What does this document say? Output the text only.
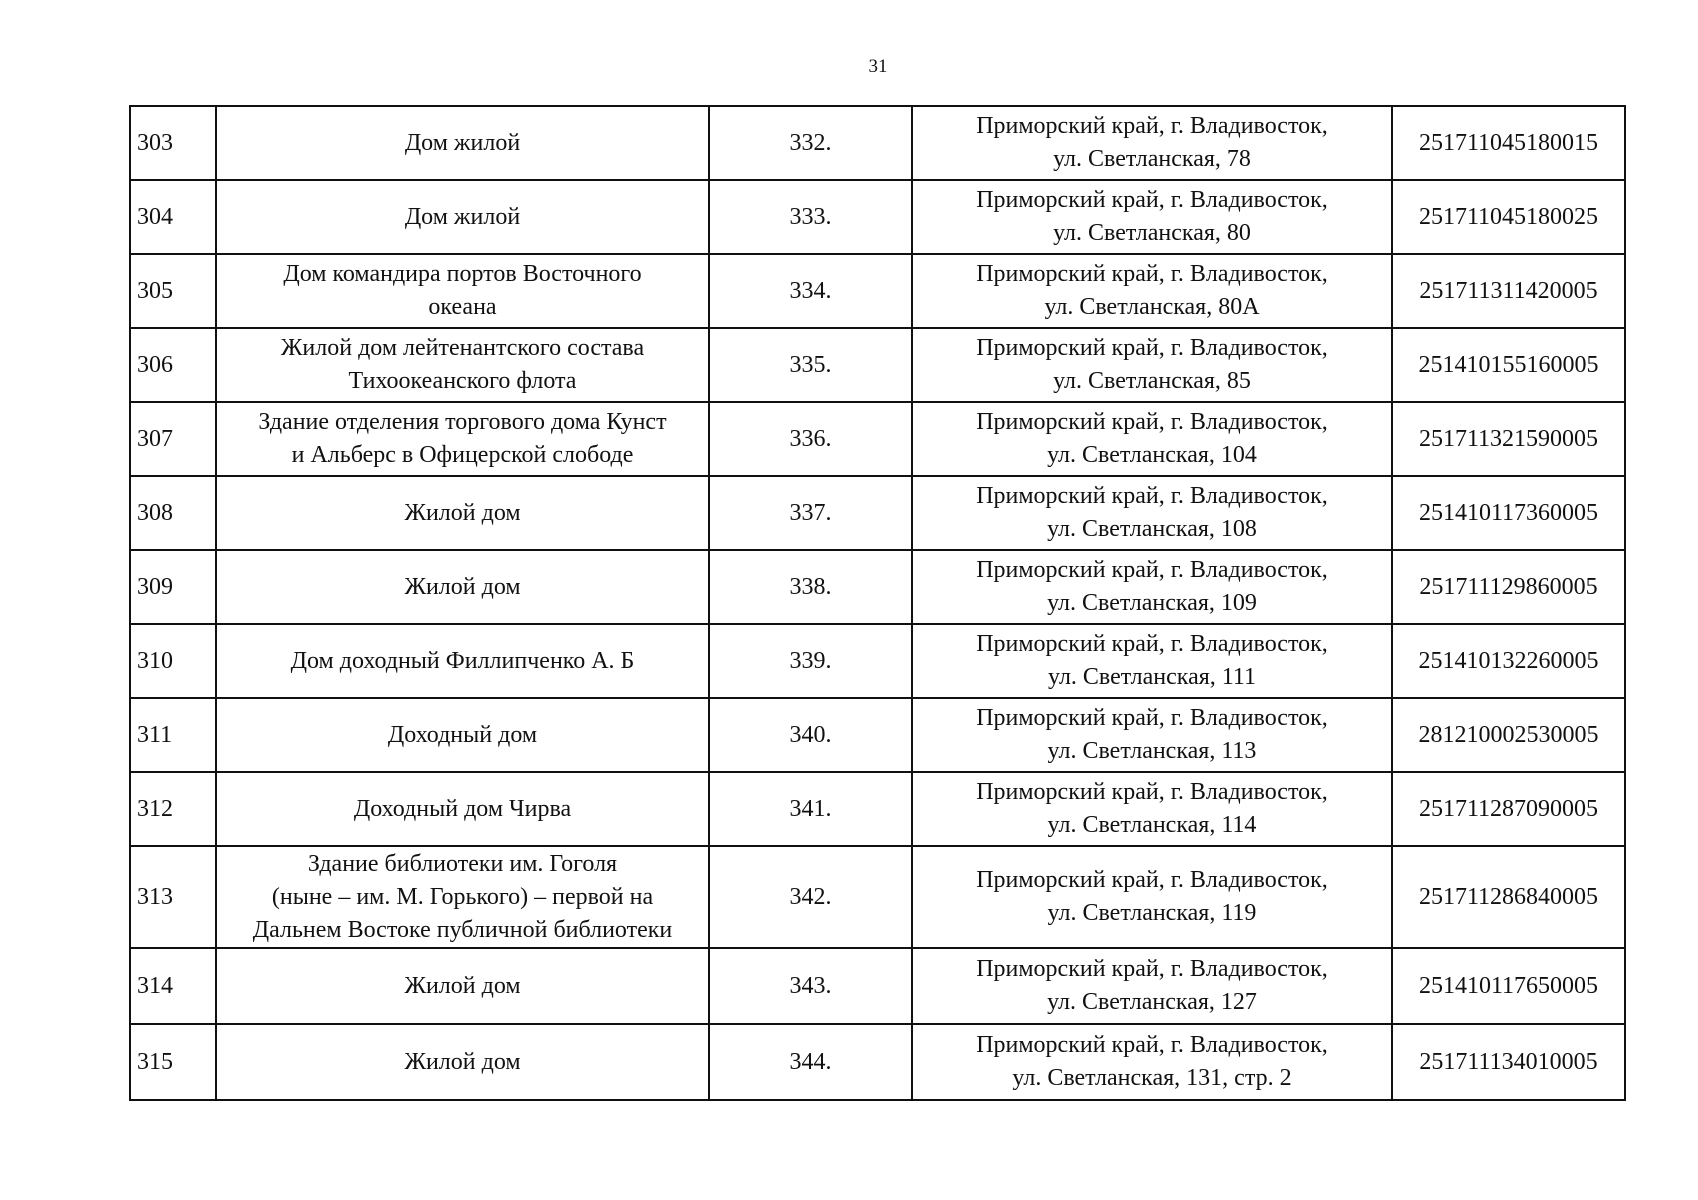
31
303	Дом жилой	332.	Приморский край, г. Владивосток,
ул. Светланская, 78	251711045180015
304	Дом жилой	333.	Приморский край, г. Владивосток,
ул. Светланская, 80	251711045180025
305	Дом командира портов Восточного
океана	334.	Приморский край, г. Владивосток,
ул. Светланская, 80А	251711311420005
306	Жилой дом лейтенантского состава
Тихоокеанского флота	335.	Приморский край, г. Владивосток,
ул. Светланская, 85	251410155160005
307	Здание отделения торгового дома Кунст
и Альберс в Офицерской слободе	336.	Приморский край, г. Владивосток,
ул. Светланская, 104	251711321590005
308	Жилой дом	337.	Приморский край, г. Владивосток,
ул. Светланская, 108	251410117360005
309	Жилой дом	338.	Приморский край, г. Владивосток,
ул. Светланская, 109	251711129860005
310	Дом доходный Филлипченко А. Б	339.	Приморский край, г. Владивосток,
ул. Светланская, 111	251410132260005
311	Доходный дом	340.	Приморский край, г. Владивосток,
ул. Светланская, 113	281210002530005
312	Доходный дом Чирва	341.	Приморский край, г. Владивосток,
ул. Светланская, 114	251711287090005
313	Здание библиотеки им. Гоголя
(ныне – им. М. Горького) – первой на
Дальнем Востоке публичной библиотеки	342.	Приморский край, г. Владивосток,
ул. Светланская, 119	251711286840005
314	Жилой дом	343.	Приморский край, г. Владивосток,
ул. Светланская, 127	251410117650005
315	Жилой дом	344.	Приморский край, г. Владивосток,
ул. Светланская, 131, стр. 2	251711134010005
